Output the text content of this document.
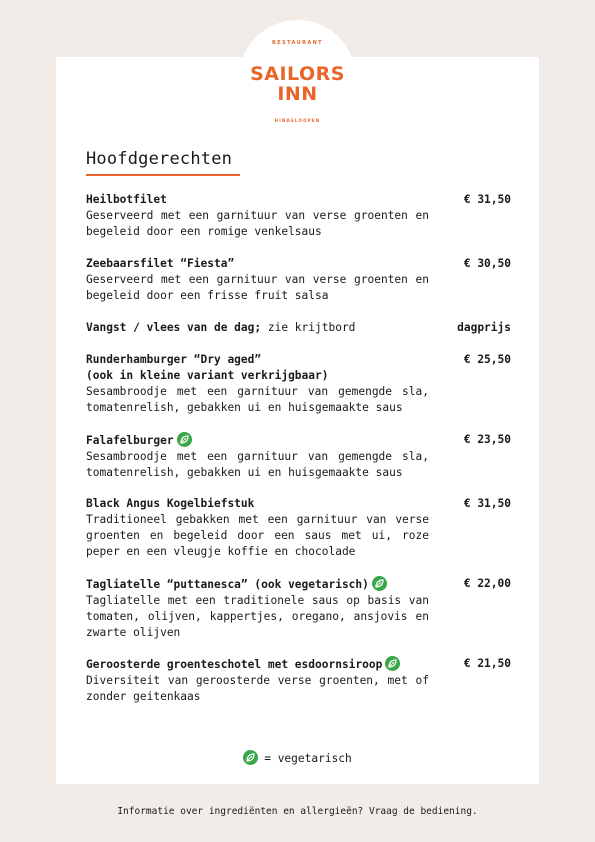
RESTAURANT
SAILORS
INN
HINDELOOPEN
Hoofdgerechten
Heilbotfilet
Geserveerd met een garnituur van verse groenten en begeleid door een romige venkelsaus
€ 31,50
Zeebaarsfilet “Fiesta”
Geserveerd met een garnituur van verse groenten en begeleid door een frisse fruit salsa
€ 30,50
Vangst / vlees van de dag; zie krijtbord	dagprijs
Runderhamburger “Dry aged”
(ook in kleine variant verkrijgbaar)
Sesambroodje met een garnituur van gemengde sla, tomatenrelish, gebakken ui en huisgemaakte saus
€ 25,50
Falafelburger
Sesambroodje met een garnituur van gemengde sla, tomatenrelish, gebakken ui en huisgemaakte saus
€ 23,50
Black Angus Kogelbiefstuk
Traditioneel gebakken met een garnituur van verse groenten en begeleid door een saus met ui, roze peper en een vleugje koffie en chocolade
€ 31,50
Tagliatelle “puttanesca” (ook vegetarisch)
Tagliatelle met een traditionele saus op basis van tomaten, olijven, kappertjes, oregano, ansjovis en zwarte olijven
€ 22,00
Geroosterde groenteschotel met esdoornsiroop
Diversiteit van geroosterde verse groenten, met of zonder geitenkaas
€ 21,50
= vegetarisch
Informatie over ingrediënten en allergieën? Vraag de bediening.
